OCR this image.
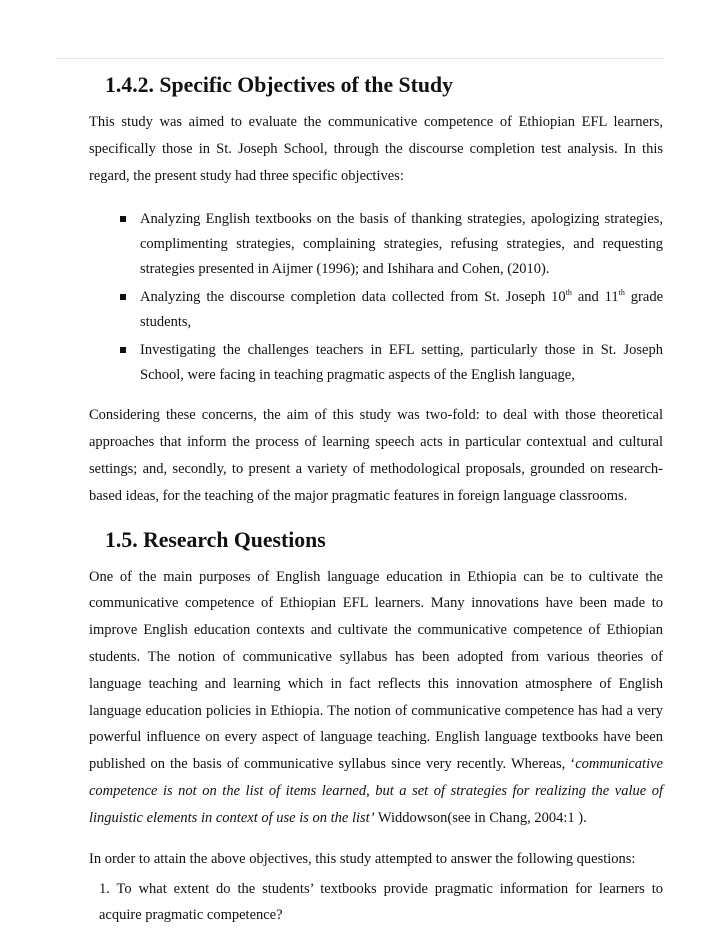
1.4.2. Specific Objectives of the Study

This study was aimed to evaluate the communicative competence of Ethiopian EFL learners, specifically those in St. Joseph School, through the discourse completion test analysis. In this regard, the present study had three specific objectives:

Analyzing English textbooks on the basis of thanking strategies, apologizing strategies, complimenting strategies, complaining strategies, refusing strategies, and requesting strategies presented in Aijmer (1996); and Ishihara and Cohen, (2010).
Analyzing the discourse completion data collected from St. Joseph 10th and 11th grade students,
Investigating the challenges teachers in EFL setting, particularly those in St. Joseph School, were facing in teaching pragmatic aspects of the English language,

Considering these concerns, the aim of this study was two-fold: to deal with those theoretical approaches that inform the process of learning speech acts in particular contextual and cultural settings; and, secondly, to present a variety of methodological proposals, grounded on research-based ideas, for the teaching of the major pragmatic features in foreign language classrooms.

1.5. Research Questions

One of the main purposes of English language education in Ethiopia can be to cultivate the communicative competence of Ethiopian EFL learners. Many innovations have been made to improve English education contexts and cultivate the communicative competence of Ethiopian students. The notion of communicative syllabus has been adopted from various theories of language teaching and learning which in fact reflects this innovation atmosphere of English language education policies in Ethiopia. The notion of communicative competence has had a very powerful influence on every aspect of language teaching. English language textbooks have been published on the basis of communicative syllabus since very recently. Whereas, ‘communicative competence is not on the list of items learned, but a set of strategies for realizing the value of linguistic elements in context of use is on the list’ Widdowson(see in Chang, 2004:1 ).

In order to attain the above objectives, this study attempted to answer the following questions:

1. To what extent do the students’ textbooks provide pragmatic information for learners to acquire pragmatic competence?
